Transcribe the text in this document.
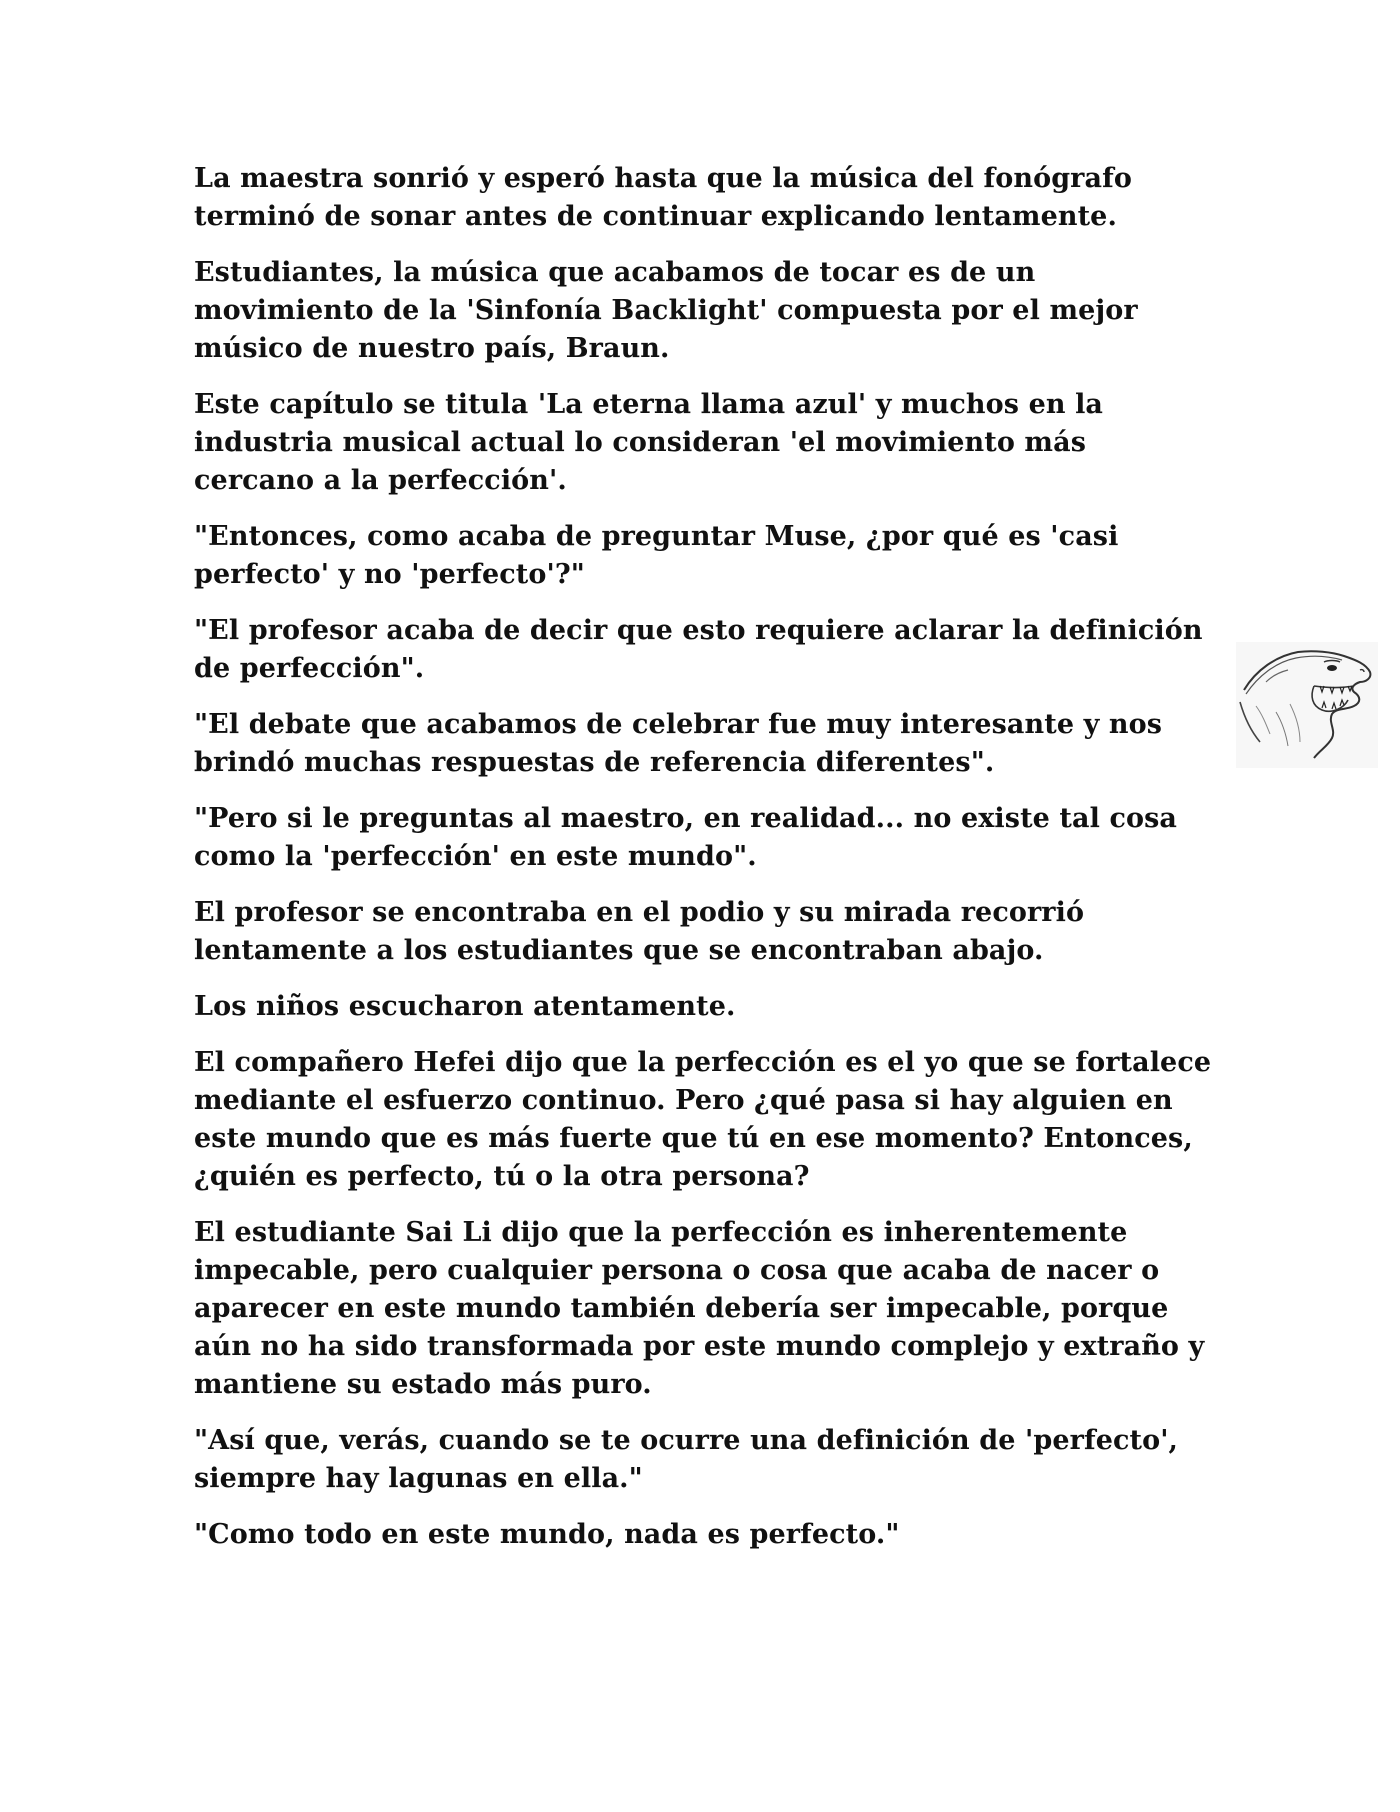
La maestra sonrió y esperó hasta que la música del fonógrafo terminó de sonar antes de continuar explicando lentamente.

Estudiantes, la música que acabamos de tocar es de un movimiento de la 'Sinfonía Backlight' compuesta por el mejor músico de nuestro país, Braun.

Este capítulo se titula 'La eterna llama azul' y muchos en la industria musical actual lo consideran 'el movimiento más cercano a la perfección'.

"Entonces, como acaba de preguntar Muse, ¿por qué es 'casi perfecto' y no 'perfecto'?"

"El profesor acaba de decir que esto requiere aclarar la definición de perfección".

"El debate que acabamos de celebrar fue muy interesante y nos brindó muchas respuestas de referencia diferentes".

"Pero si le preguntas al maestro, en realidad... no existe tal cosa como la 'perfección' en este mundo".

El profesor se encontraba en el podio y su mirada recorrió lentamente a los estudiantes que se encontraban abajo.

Los niños escucharon atentamente.

El compañero Hefei dijo que la perfección es el yo que se fortalece mediante el esfuerzo continuo. Pero ¿qué pasa si hay alguien en este mundo que es más fuerte que tú en ese momento? Entonces, ¿quién es perfecto, tú o la otra persona?

El estudiante Sai Li dijo que la perfección es inherentemente impecable, pero cualquier persona o cosa que acaba de nacer o aparecer en este mundo también debería ser impecable, porque aún no ha sido transformada por este mundo complejo y extraño y mantiene su estado más puro.

"Así que, verás, cuando se te ocurre una definición de 'perfecto', siempre hay lagunas en ella."

"Como todo en este mundo, nada es perfecto."
